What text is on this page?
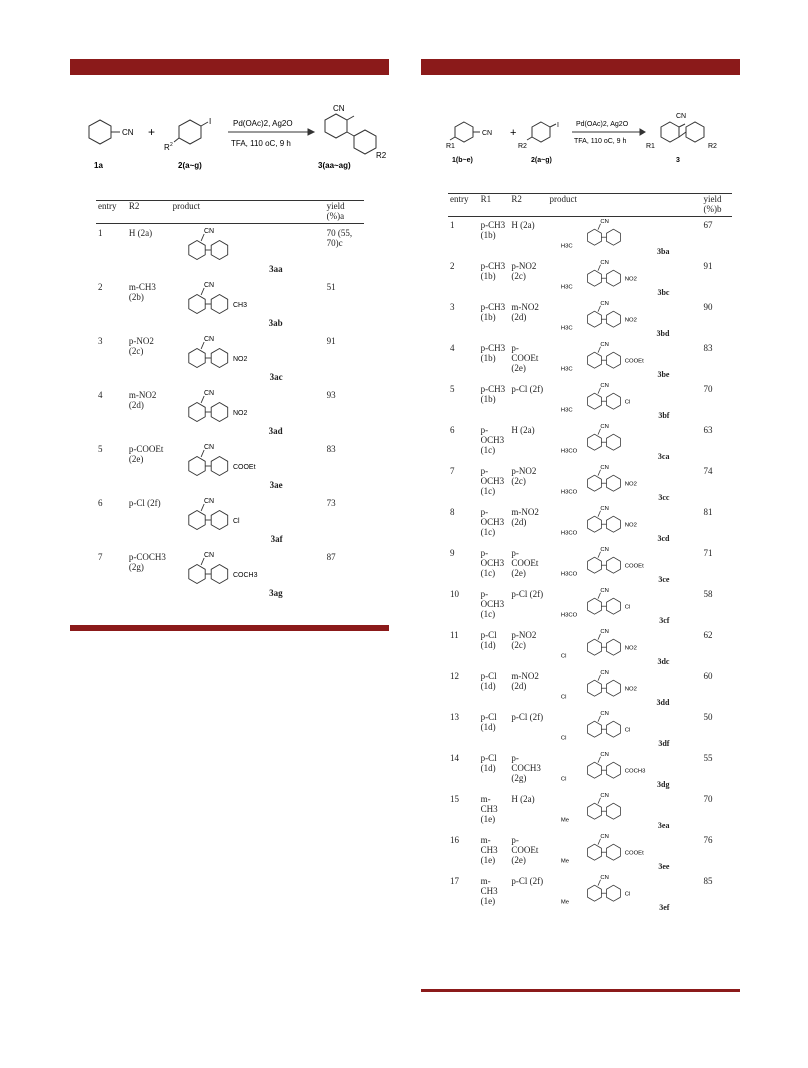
CN +
I
R 2
Pd(OAc)2, Ag2O
TFA, 110 oC, 9 h
CN
R2
1a	2(a~g)	3(aa~ag)
entry	R2	product	yield (%)a
1	H (2a)	CN
3aa	70 (55, 70)c
2	m-CH3 (2b)	CN
CH3
3ab	51
3	p-NO2 (2c)	CN
NO2
3ac	91
4	m-NO2 (2d)	CN
NO2
3ad	93
5	p-COOEt (2e)	CN
COOEt
3ae	83
6	p-Cl (2f)	CN
Cl
3af	73
7	p-COCH3 (2g)	CN
COCH3
3ag	87
CN
R1
+
I
R2
Pd(OAc)2, Ag2O
TFA, 110 oC, 9 h
CN
R1	R2
1(b~e)	2(a~g)	3
entry	R1	R2	product	yield (%)b
1	p-CH3 (1b)	H (2a)	CN
H3C
3ba	67
2	p-CH3 (1b)	p-NO2 (2c)	CN
H3C
NO2
3bc	91
3	p-CH3 (1b)	m-NO2 (2d)	CN
H3C
NO2
3bd	90
4	p-CH3 (1b)	p-COOEt (2e)	CN
H3C
COOEt
3be	83
5	p-CH3 (1b)	p-Cl (2f)	CN
H3C
Cl
3bf	70
6	p-OCH3 (1c)	H (2a)	CN
H3CO
3ca	63
7	p-OCH3 (1c)	p-NO2 (2c)	CN
H3CO
NO2
3cc	74
8	p-OCH3 (1c)	m-NO2 (2d)	CN
H3CO
NO2
3cd	81
9	p-OCH3 (1c)	p-COOEt (2e)	CN
H3CO
COOEt
3ce	71
10	p-OCH3 (1c)	p-Cl (2f)	CN
H3CO
Cl
3cf	58
11	p-Cl (1d)	p-NO2 (2c)	CN
Cl
NO2
3dc	62
12	p-Cl (1d)	m-NO2 (2d)	CN
Cl
NO2
3dd	60
13	p-Cl (1d)	p-Cl (2f)	CN
Cl
Cl
3df	50
14	p-Cl (1d)	p-COCH3 (2g)	CN
Cl
COCH3
3dg	55
15	m-CH3 (1e)	H (2a)	CN
Me
3ea	70
16	m-CH3 (1e)	p-COOEt (2e)	CN
Me
COOEt
3ee	76
17	m-CH3 (1e)	p-Cl (2f)	CN
Me
Cl
3ef	85
